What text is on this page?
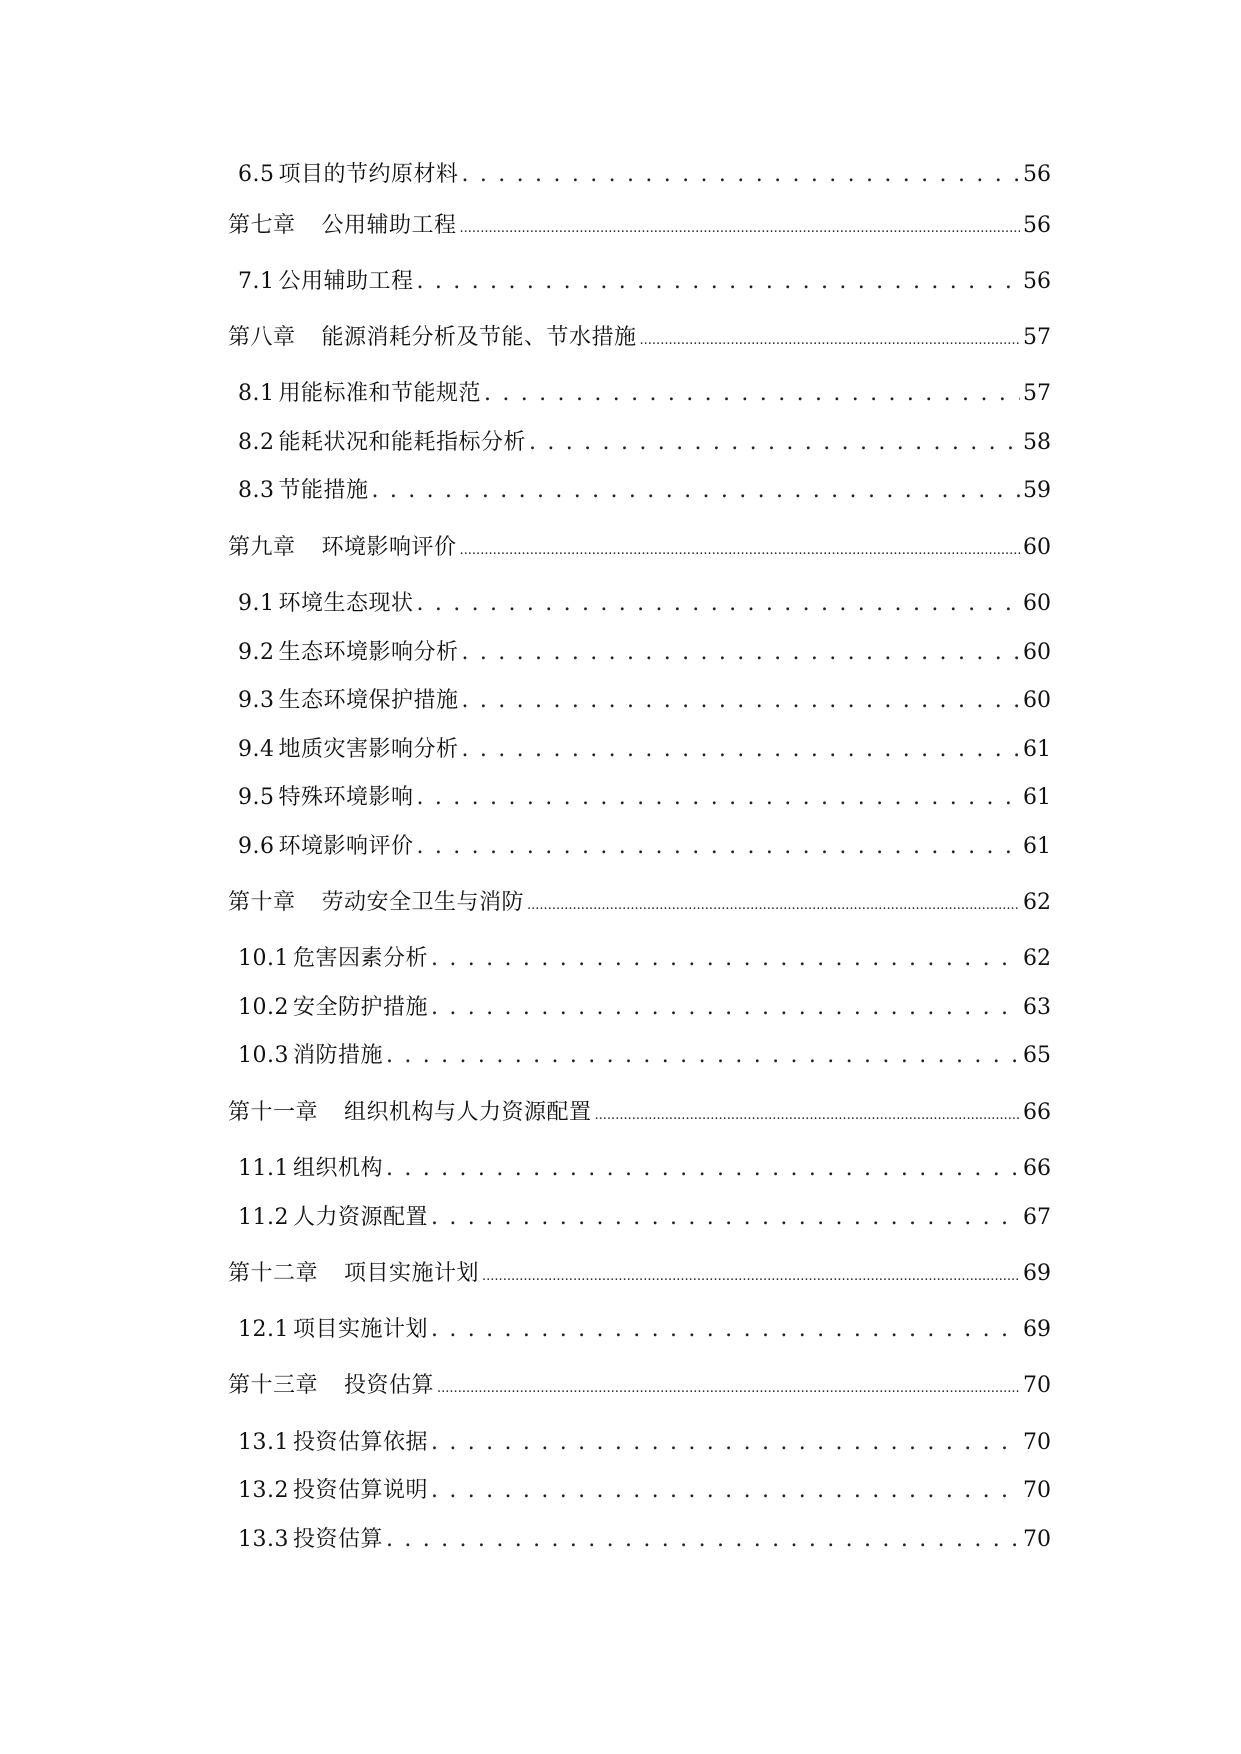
6.5 项目的节约原材料 . . .	56
第七章 公用辅助工程 .....	56
7.1 公用辅助工程 . . .	56
第八章 能源消耗分析及节能、节水措施 .....	57
8.1 用能标准和节能规范 . . .	57
8.2 能耗状况和能耗指标分析 . . .	58
8.3 节能措施 . . .	59
第九章 环境影响评价 .....	60
9.1 环境生态现状 . . .	60
9.2 生态环境影响分析 . . .	60
9.3 生态环境保护措施 . . .	60
9.4 地质灾害影响分析 . . .	61
9.5 特殊环境影响 . . .	61
9.6 环境影响评价 . . .	61
第十章 劳动安全卫生与消防 .....	62
10.1 危害因素分析 . . .	62
10.2 安全防护措施 . . .	63
10.3 消防措施 . . .	65
第十一章 组织机构与人力资源配置 .....	66
11.1 组织机构 . . .	66
11.2 人力资源配置 . . .	67
第十二章 项目实施计划 .....	69
12.1 项目实施计划 . . .	69
第十三章 投资估算 .....	70
13.1 投资估算依据 . . .	70
13.2 投资估算说明 . . .	70
13.3 投资估算 . . .	70
